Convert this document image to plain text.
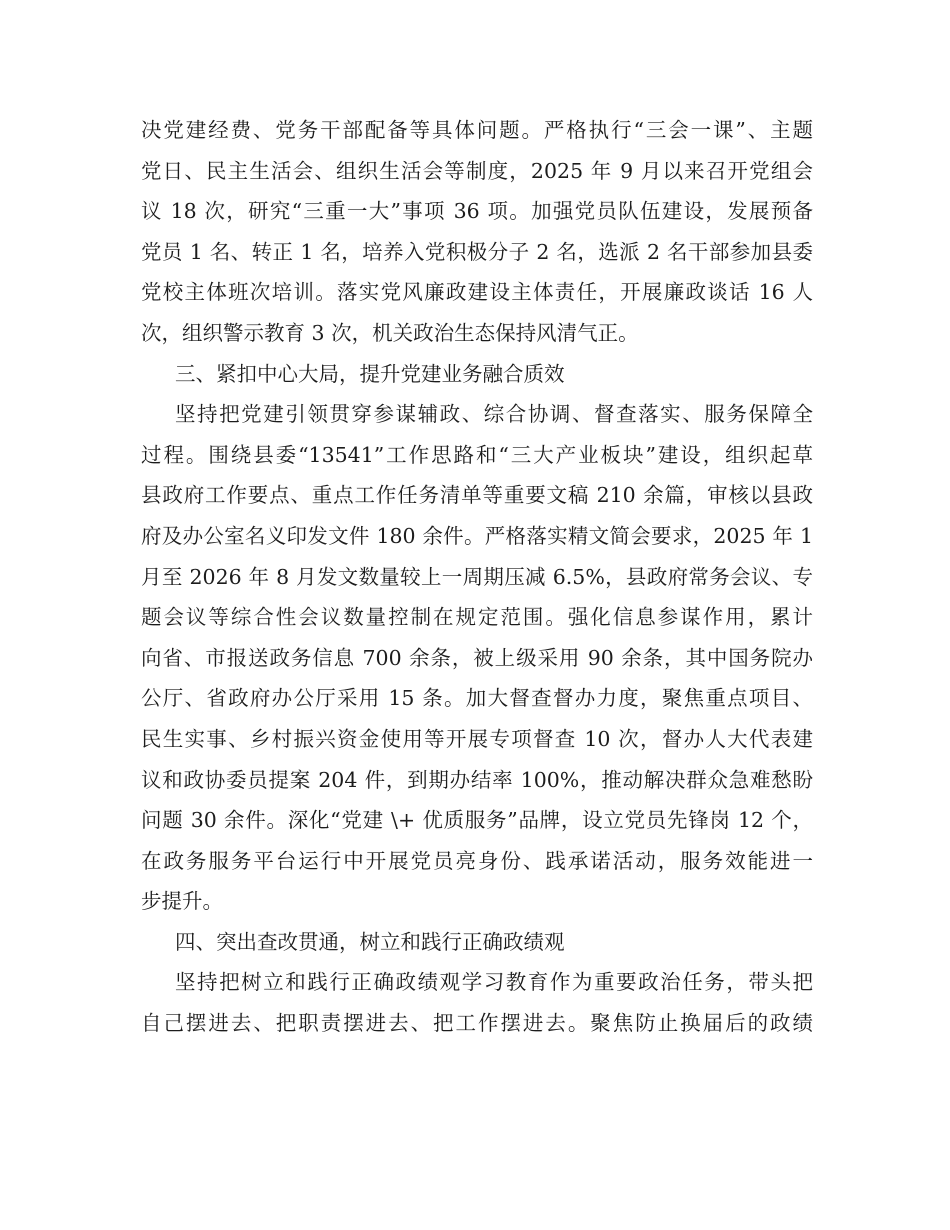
决党建经费、党务干部配备等具体问题。严格执行“三会一课”、主题
党日、民主生活会、组织生活会等制度，2025 年 9 月以来召开党组会
议 18 次，研究“三重一大”事项 36 项。加强党员队伍建设，发展预备
党员 1 名、转正 1 名，培养入党积极分子 2 名，选派 2 名干部参加县委
党校主体班次培训。落实党风廉政建设主体责任，开展廉政谈话 16 人
次，组织警示教育 3 次，机关政治生态保持风清气正。
三、紧扣中心大局，提升党建业务融合质效
坚持把党建引领贯穿参谋辅政、综合协调、督查落实、服务保障全
过程。围绕县委“13541”工作思路和“三大产业板块”建设，组织起草
县政府工作要点、重点工作任务清单等重要文稿 210 余篇，审核以县政
府及办公室名义印发文件 180 余件。严格落实精文简会要求，2025 年 1
月至 2026 年 8 月发文数量较上一周期压减 6.5%，县政府常务会议、专
题会议等综合性会议数量控制在规定范围。强化信息参谋作用，累计
向省、市报送政务信息 700 余条，被上级采用 90 余条，其中国务院办
公厅、省政府办公厅采用 15 条。加大督查督办力度，聚焦重点项目、
民生实事、乡村振兴资金使用等开展专项督查 10 次，督办人大代表建
议和政协委员提案 204 件，到期办结率 100%，推动解决群众急难愁盼
问题 30 余件。深化“党建 \+ 优质服务”品牌，设立党员先锋岗 12 个，
在政务服务平台运行中开展党员亮身份、践承诺活动，服务效能进一
步提升。
四、突出查改贯通，树立和践行正确政绩观
坚持把树立和践行正确政绩观学习教育作为重要政治任务，带头把
自己摆进去、把职责摆进去、把工作摆进去。聚焦防止换届后的政绩
